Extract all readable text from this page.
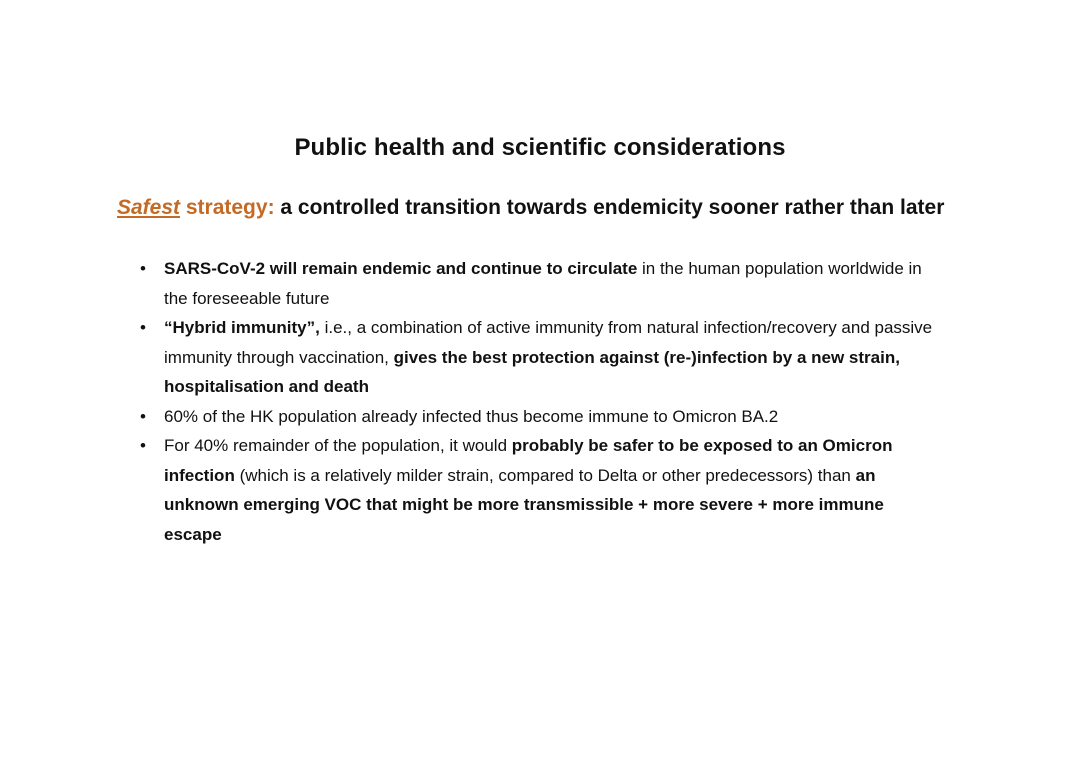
Public health and scientific considerations

Safest strategy: a controlled transition towards endemicity sooner rather than later

•	SARS-CoV-2 will remain endemic and continue to circulate in the human population worldwide in the foreseeable future
•	“Hybrid immunity”, i.e., a combination of active immunity from natural infection/recovery and passive immunity through vaccination, gives the best protection against (re-)infection by a new strain, hospitalisation and death
•	60% of the HK population already infected thus become immune to Omicron BA.2
•	For 40% remainder of the population, it would probably be safer to be exposed to an Omicron infection (which is a relatively milder strain, compared to Delta or other predecessors) than an unknown emerging VOC that might be more transmissible + more severe + more immune escape
